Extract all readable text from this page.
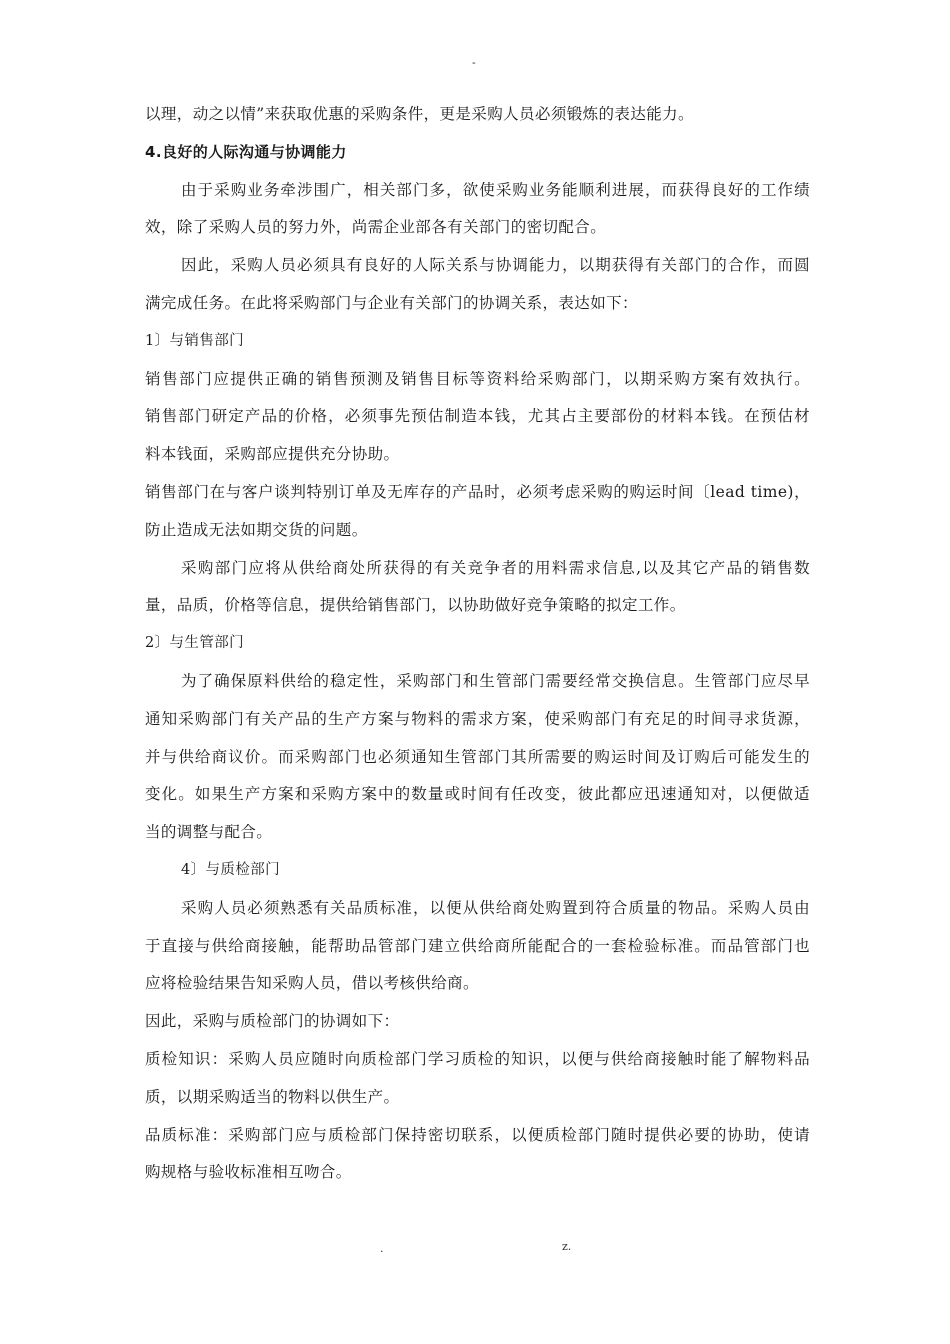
-
以理，动之以情”来获取优惠的采购条件，更是采购人员必须锻炼的表达能力。
4.良好的人际沟通与协调能力
由于采购业务牵涉围广，相关部门多，欲使采购业务能顺利进展，而获得良好的工作绩
效，除了采购人员的努力外，尚需企业部各有关部门的密切配合。
因此，采购人员必须具有良好的人际关系与协调能力，以期获得有关部门的合作，而圆
满完成任务。在此将采购部门与企业有关部门的协调关系，表达如下：
1〕与销售部门
销售部门应提供正确的销售预测及销售目标等资料给采购部门，以期采购方案有效执行。
销售部门研定产品的价格，必须事先预估制造本钱，尤其占主要部份的材料本钱。在预估材
料本钱面，采购部应提供充分协助。
销售部门在与客户谈判特别订单及无库存的产品时，必须考虑采购的购运时间〔lead time)，
防止造成无法如期交货的问题。
采购部门应将从供给商处所获得的有关竞争者的用料需求信息,以及其它产品的销售数
量，品质，价格等信息，提供给销售部门，以协助做好竞争策略的拟定工作。
2〕与生管部门
为了确保原料供给的稳定性，采购部门和生管部门需要经常交换信息。生管部门应尽早
通知采购部门有关产品的生产方案与物料的需求方案，使采购部门有充足的时间寻求货源，
并与供给商议价。而采购部门也必须通知生管部门其所需要的购运时间及订购后可能发生的
变化。如果生产方案和采购方案中的数量或时间有任改变，彼此都应迅速通知对，以便做适
当的调整与配合。
4〕与质检部门
采购人员必须熟悉有关品质标准，以便从供给商处购置到符合质量的物品。采购人员由
于直接与供给商接触，能帮助品管部门建立供给商所能配合的一套检验标准。而品管部门也
应将检验结果告知采购人员，借以考核供给商。
因此，采购与质检部门的协调如下：
质检知识：采购人员应随时向质检部门学习质检的知识，以便与供给商接触时能了解物料品
质，以期采购适当的物料以供生产。
品质标准：采购部门应与质检部门保持密切联系，以便质检部门随时提供必要的协助，使请
购规格与验收标准相互吻合。
.	z.
